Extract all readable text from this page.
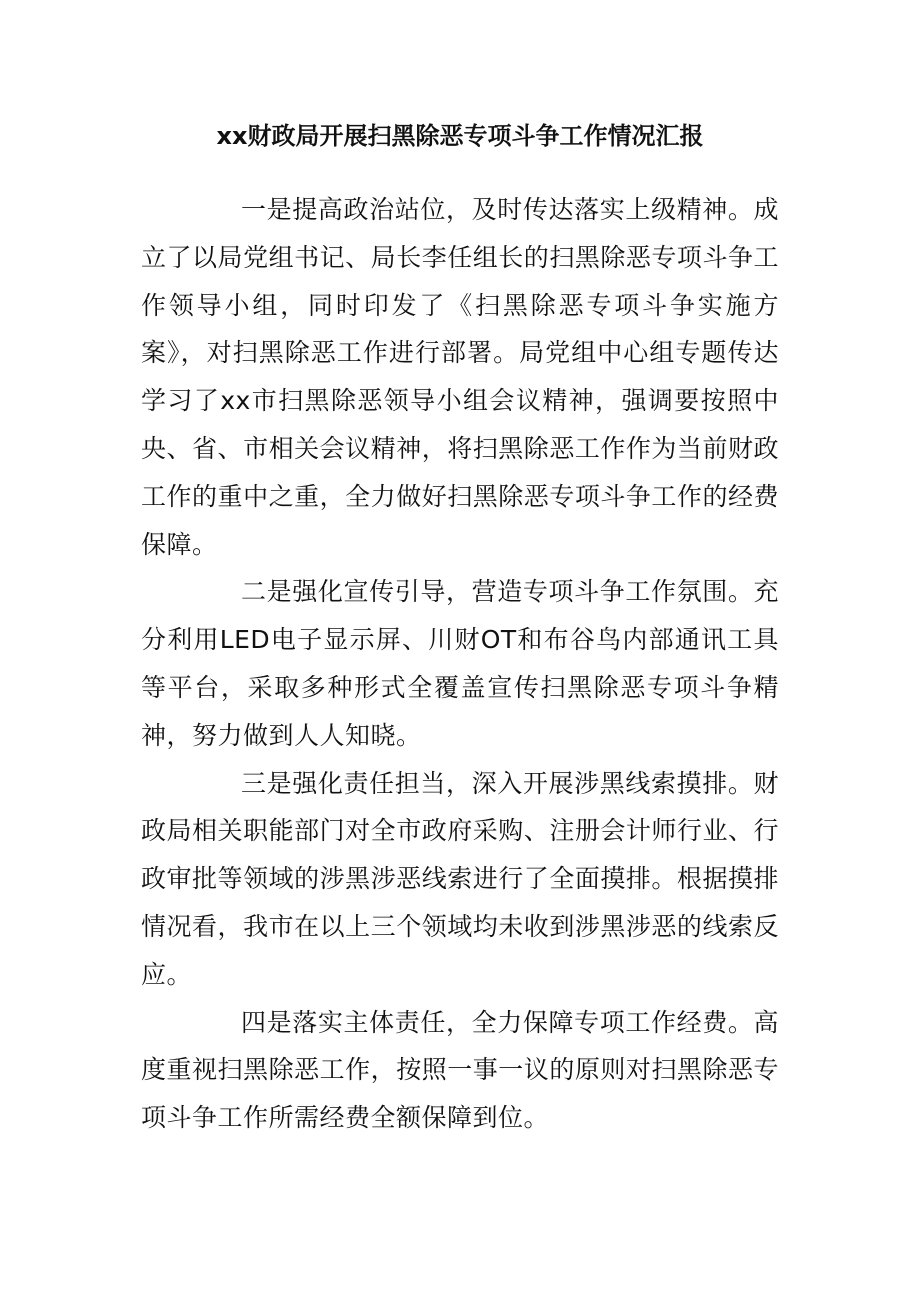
xx财政局开展扫黑除恶专项斗争工作情况汇报

一是提高政治站位，及时传达落实上级精神。成立了以局党组书记、局长李任组长的扫黑除恶专项斗争工作领导小组，同时印发了《扫黑除恶专项斗争实施方案》，对扫黑除恶工作进行部署。局党组中心组专题传达学习了xx市扫黑除恶领导小组会议精神，强调要按照中央、省、市相关会议精神，将扫黑除恶工作作为当前财政工作的重中之重，全力做好扫黑除恶专项斗争工作的经费保障。

二是强化宣传引导，营造专项斗争工作氛围。充分利用LED电子显示屏、川财OT和布谷鸟内部通讯工具等平台，采取多种形式全覆盖宣传扫黑除恶专项斗争精神，努力做到人人知晓。

三是强化责任担当，深入开展涉黑线索摸排。财政局相关职能部门对全市政府采购、注册会计师行业、行政审批等领域的涉黑涉恶线索进行了全面摸排。根据摸排情况看，我市在以上三个领域均未收到涉黑涉恶的线索反应。

四是落实主体责任，全力保障专项工作经费。高度重视扫黑除恶工作，按照一事一议的原则对扫黑除恶专项斗争工作所需经费全额保障到位。
